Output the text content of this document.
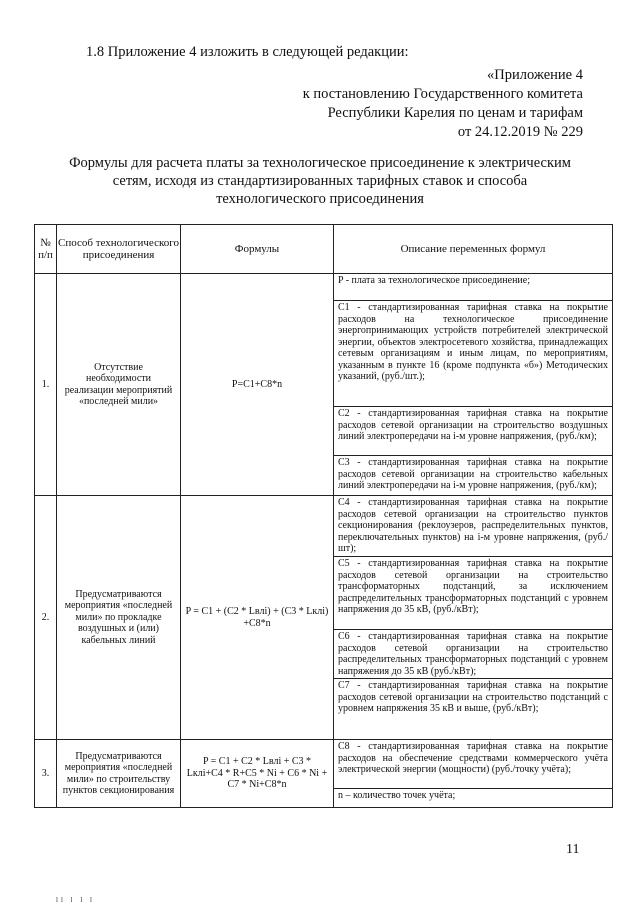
1.8 Приложение 4 изложить в следующей редакции:
«Приложение 4
к постановлению Государственного комитета
Республики Карелия по ценам и тарифам
от 24.12.2019 № 229
Формулы для расчета платы за технологическое присоединение к электрическим
сетям, исходя из стандартизированных тарифных ставок и способа
технологического присоединения
№ п/п	Способ технологического присоединения	Формулы	Описание переменных формул
1.	Отсутствие необходимости реализации мероприятий «последней мили»	P=C1+C8*n	P - плата за технологическое присоединение;
C1 - стандартизированная тарифная ставка на покрытие расходов на технологическое присоединение энергопринимающих устройств потребителей электрической энергии, объектов электросетевого хозяйства, принадлежащих сетевым организациям и иным лицам, по мероприятиям, указанным в пункте 16 (кроме подпункта «б») Методических указаний, (руб./шт.);
C2 - стандартизированная тарифная ставка на покрытие расходов сетевой организации на строительство воздушных линий электропередачи на i-м уровне напряжения, (руб./км);
C3 - стандартизированная тарифная ставка на покрытие расходов сетевой организации на строительство кабельных линий электропередачи на i-м уровне напряжения, (руб./км);

2.	Предусматриваются мероприятия «последней мили» по прокладке воздушных и (или) кабельных линий	P = C1 + (C2 * Lвлi) + (C3 * Lклi) +C8*n	C4 - стандартизированная тарифная ставка на покрытие расходов сетевой организации на строительство пунктов секционирования (реклоузеров, распределительных пунктов, переключательных пунктов) на i-м уровне напряжения, (руб./шт);
C5 - стандартизированная тарифная ставка на покрытие расходов сетевой организации на строительство трансформаторных подстанций, за исключением распределительных трансформаторных подстанций с уровнем напряжения до 35 кВ, (руб./кВт);
C6 - стандартизированная тарифная ставка на покрытие расходов сетевой организации на строительство распределительных трансформаторных подстанций с уровнем напряжения до 35 кВ (руб./кВт);
C7 - стандартизированная тарифная ставка на покрытие расходов сетевой организации на строительство подстанций с уровнем напряжения 35 кВ и выше, (руб./кВт);

3.	Предусматриваются мероприятия «последней мили» по строительству пунктов секционирования	P = C1 + C2 * Lвлi + C3 * Lклi+C4 * R+C5 * Ni + C6 * Ni + C7 * Ni+C8*n	C8 - стандартизированная тарифная ставка на покрытие расходов на обеспечение средствами коммерческого учёта электрической энергии (мощности) (руб./точку учёта);
n – количество точек учёта;
11
ll l l l
